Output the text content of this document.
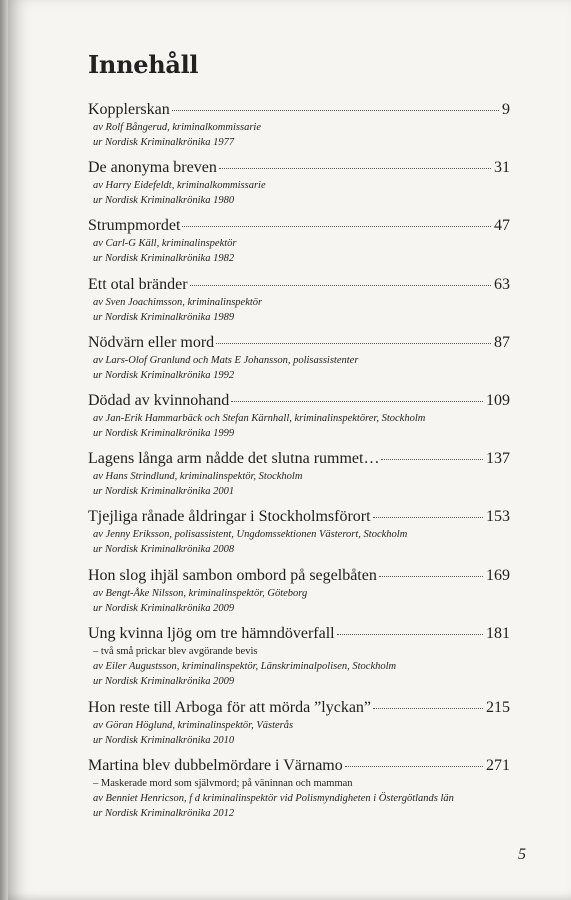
Innehåll
Kopplerskan	9
av Rolf Bångerud, kriminalkommissarie
ur Nordisk Kriminalkrönika 1977
De anonyma breven	31
av Harry Eidefeldt, kriminalkommissarie
ur Nordisk Kriminalkrönika 1980
Strumpmordet	47
av Carl-G Käll, kriminalinspektör
ur Nordisk Kriminalkrönika 1982
Ett otal bränder	63
av Sven Joachimsson, kriminalinspektör
ur Nordisk Kriminalkrönika 1989
Nödvärn eller mord	87
av Lars-Olof Granlund och Mats E Johansson, polisassistenter
ur Nordisk Kriminalkrönika 1992
Dödad av kvinnohand	109
av Jan-Erik Hammarbäck och Stefan Kärnhall, kriminalinspektörer, Stockholm
ur Nordisk Kriminalkrönika 1999
Lagens långa arm nådde det slutna rummet…	137
av Hans Strindlund, kriminalinspektör, Stockholm
ur Nordisk Kriminalkrönika 2001
Tjejliga rånade åldringar i Stockholmsförort	153
av Jenny Eriksson, polisassistent, Ungdomssektionen Västerort, Stockholm
ur Nordisk Kriminalkrönika 2008
Hon slog ihjäl sambon ombord på segelbåten	169
av Bengt-Åke Nilsson, kriminalinspektör, Göteborg
ur Nordisk Kriminalkrönika 2009
Ung kvinna ljög om tre hämndöverfall	181
– två små prickar blev avgörande bevis
av Eiler Augustsson, kriminalinspektör, Länskriminalpolisen, Stockholm
ur Nordisk Kriminalkrönika 2009
Hon reste till Arboga för att mörda ”lyckan”	215
av Göran Höglund, kriminalinspektör, Västerås
ur Nordisk Kriminalkrönika 2010
Martina blev dubbelmördare i Värnamo	271
– Maskerade mord som självmord; på väninnan och mamman
av Benniet Henricson, f d kriminalinspektör vid Polismyndigheten i Östergötlands län
ur Nordisk Kriminalkrönika 2012
5
